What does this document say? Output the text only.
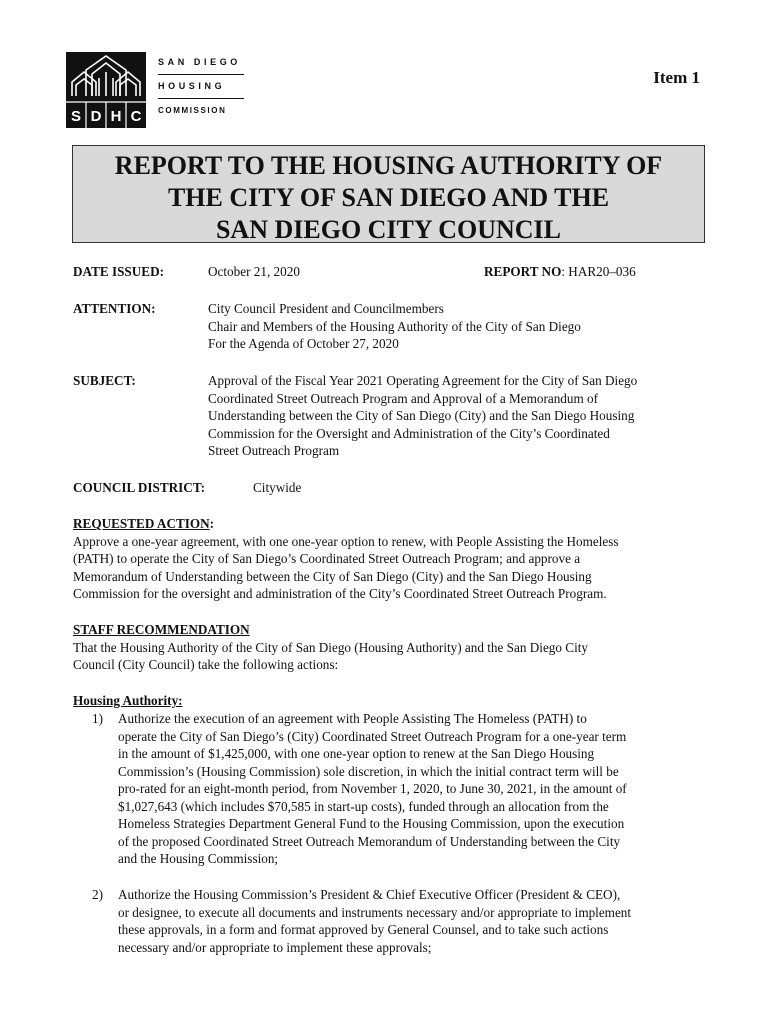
S D H C
SAN DIEGO
HOUSING
COMMISSION
Item 1
REPORT TO THE HOUSING AUTHORITY OF
THE CITY OF SAN DIEGO AND THE
SAN DIEGO CITY COUNCIL
DATE ISSUED:	October 21, 2020	REPORT NO: HAR20–036
ATTENTION:	City Council President and Councilmembers
Chair and Members of the Housing Authority of the City of San Diego
For the Agenda of October 27, 2020
SUBJECT:	Approval of the Fiscal Year 2021 Operating Agreement for the City of San Diego
Coordinated Street Outreach Program and Approval of a Memorandum of
Understanding between the City of San Diego (City) and the San Diego Housing
Commission for the Oversight and Administration of the City’s Coordinated
Street Outreach Program
COUNCIL DISTRICT:	Citywide
REQUESTED ACTION:
Approve a one-year agreement, with one one-year option to renew, with People Assisting the Homeless
(PATH) to operate the City of San Diego’s Coordinated Street Outreach Program; and approve a
Memorandum of Understanding between the City of San Diego (City) and the San Diego Housing
Commission for the oversight and administration of the City’s Coordinated Street Outreach Program.
STAFF RECOMMENDATION
That the Housing Authority of the City of San Diego (Housing Authority) and the San Diego City
Council (City Council) take the following actions:
Housing Authority:
1) Authorize the execution of an agreement with People Assisting The Homeless (PATH) to
operate the City of San Diego’s (City) Coordinated Street Outreach Program for a one-year term
in the amount of $1,425,000, with one one-year option to renew at the San Diego Housing
Commission’s (Housing Commission) sole discretion, in which the initial contract term will be
pro-rated for an eight-month period, from November 1, 2020, to June 30, 2021, in the amount of
$1,027,643 (which includes $70,585 in start-up costs), funded through an allocation from the
Homeless Strategies Department General Fund to the Housing Commission, upon the execution
of the proposed Coordinated Street Outreach Memorandum of Understanding between the City
and the Housing Commission;
2) Authorize the Housing Commission’s President & Chief Executive Officer (President & CEO),
or designee, to execute all documents and instruments necessary and/or appropriate to implement
these approvals, in a form and format approved by General Counsel, and to take such actions
necessary and/or appropriate to implement these approvals;
